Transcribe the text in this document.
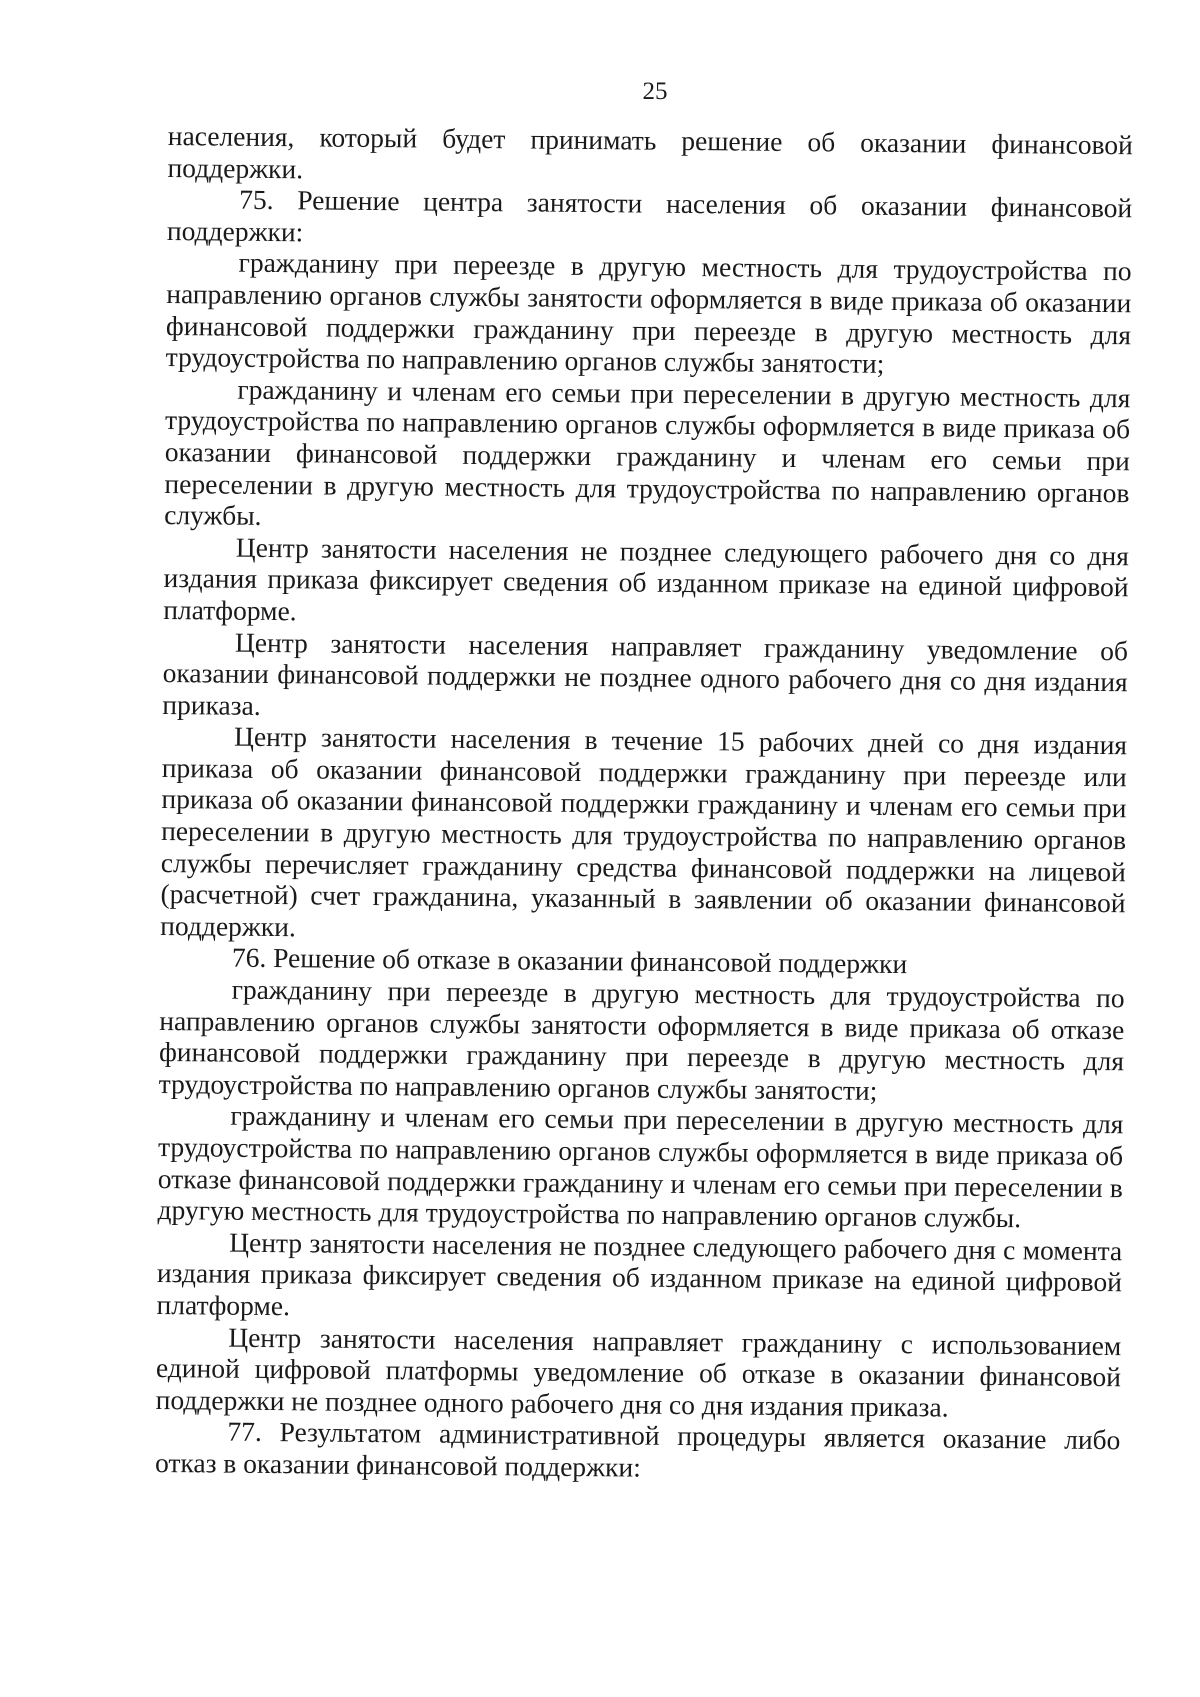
25

населения, который будет принимать решение об оказании финансовой поддержки.

75. Решение центра занятости населения об оказании финансовой поддержки:

гражданину при переезде в другую местность для трудоустройства по направлению органов службы занятости оформляется в виде приказа об оказании финансовой поддержки гражданину при переезде в другую местность для трудоустройства по направлению органов службы занятости;

гражданину и членам его семьи при переселении в другую местность для трудоустройства по направлению органов службы оформляется в виде приказа об оказании финансовой поддержки гражданину и членам его семьи при переселении в другую местность для трудоустройства по направлению органов службы.

Центр занятости населения не позднее следующего рабочего дня со дня издания приказа фиксирует сведения об изданном приказе на единой цифровой платформе.

Центр занятости населения направляет гражданину уведомление об оказании финансовой поддержки не позднее одного рабочего дня со дня издания приказа.

Центр занятости населения в течение 15 рабочих дней со дня издания приказа об оказании финансовой поддержки гражданину при переезде или приказа об оказании финансовой поддержки гражданину и членам его семьи при переселении в другую местность для трудоустройства по направлению органов службы перечисляет гражданину средства финансовой поддержки на лицевой (расчетной) счет гражданина, указанный в заявлении об оказании финансовой поддержки.

76. Решение об отказе в оказании финансовой поддержки

гражданину при переезде в другую местность для трудоустройства по направлению органов службы занятости оформляется в виде приказа об отказе финансовой поддержки гражданину при переезде в другую местность для трудоустройства по направлению органов службы занятости;

гражданину и членам его семьи при переселении в другую местность для трудоустройства по направлению органов службы оформляется в виде приказа об отказе финансовой поддержки гражданину и членам его семьи при переселении в другую местность для трудоустройства по направлению органов службы.

Центр занятости населения не позднее следующего рабочего дня с момента издания приказа фиксирует сведения об изданном приказе на единой цифровой платформе.

Центр занятости населения направляет гражданину с использованием единой цифровой платформы уведомление об отказе в оказании финансовой поддержки не позднее одного рабочего дня со дня издания приказа.

77. Результатом административной процедуры является оказание либо отказ в оказании финансовой поддержки:
